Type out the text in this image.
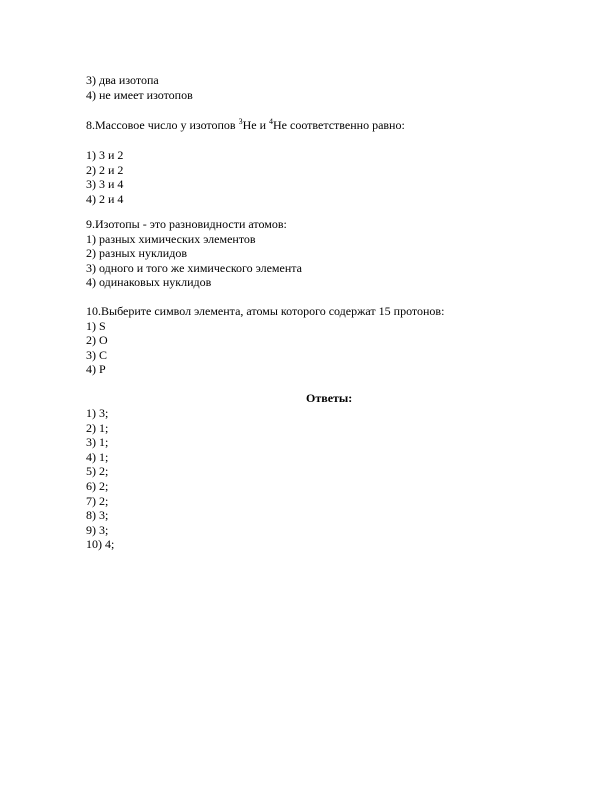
3) два изотопа
4) не имеет изотопов
8.Массовое число у изотопов $^3$He и $^4$He соответственно равно:
1) 3 и 2
2) 2 и 2
3) 3 и 4
4) 2 и 4
9.Изотопы - это разновидности атомов:
1) разных химических элементов
2) разных нуклидов
3) одного и того же химического элемента
4) одинаковых нуклидов
10.Выберите символ элемента, атомы которого содержат 15 протонов:
1) S
2) O
3) C
4) P
Ответы:
1) 3;
2) 1;
3) 1;
4) 1;
5) 2;
6) 2;
7) 2;
8) 3;
9) 3;
10) 4;
